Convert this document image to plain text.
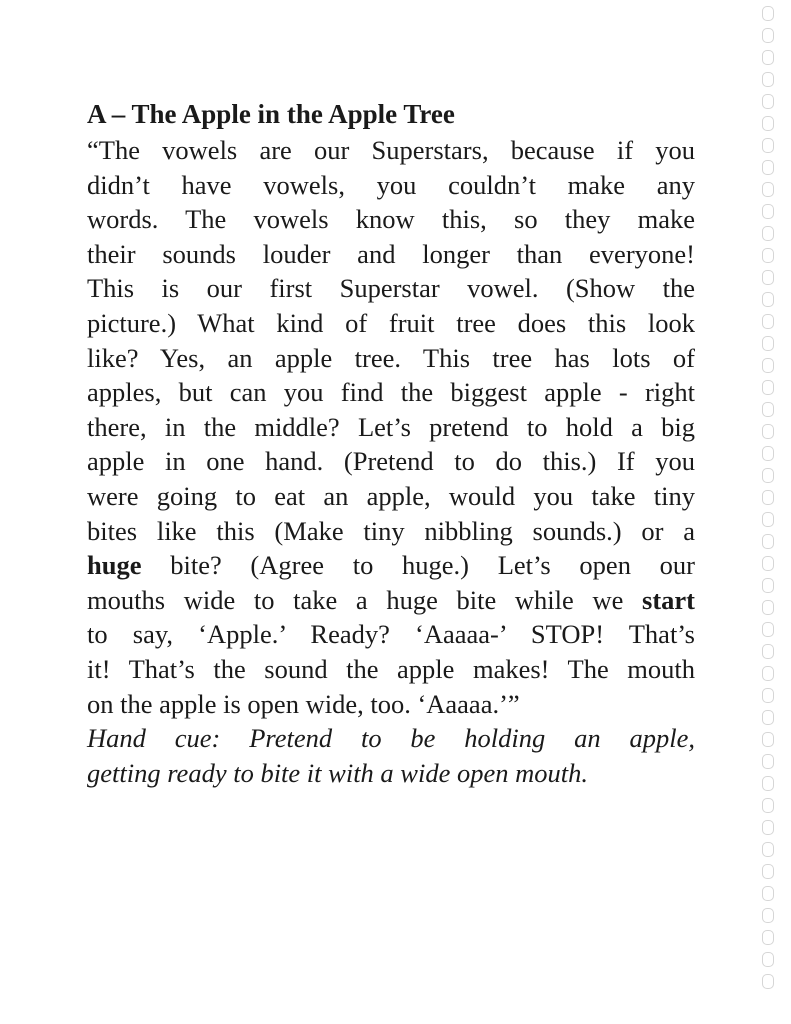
A – The Apple in the Apple Tree
“The vowels are our Superstars, because if you
didn’t have vowels, you couldn’t make any
words. The vowels know this, so they make
their sounds louder and longer than everyone!
This is our first Superstar vowel. (Show the
picture.) What kind of fruit tree does this look
like? Yes, an apple tree. This tree has lots of
apples, but can you find the biggest apple - right
there, in the middle? Let’s pretend to hold a big
apple in one hand. (Pretend to do this.) If you
were going to eat an apple, would you take tiny
bites like this (Make tiny nibbling sounds.) or a
huge bite? (Agree to huge.) Let’s open our
mouths wide to take a huge bite while we start
to say, ‘Apple.’ Ready? ‘Aaaaa-’ STOP! That’s
it! That’s the sound the apple makes! The mouth
on the apple is open wide, too. ‘Aaaaa.’”
Hand cue: Pretend to be holding an apple,
getting ready to bite it with a wide open mouth.
